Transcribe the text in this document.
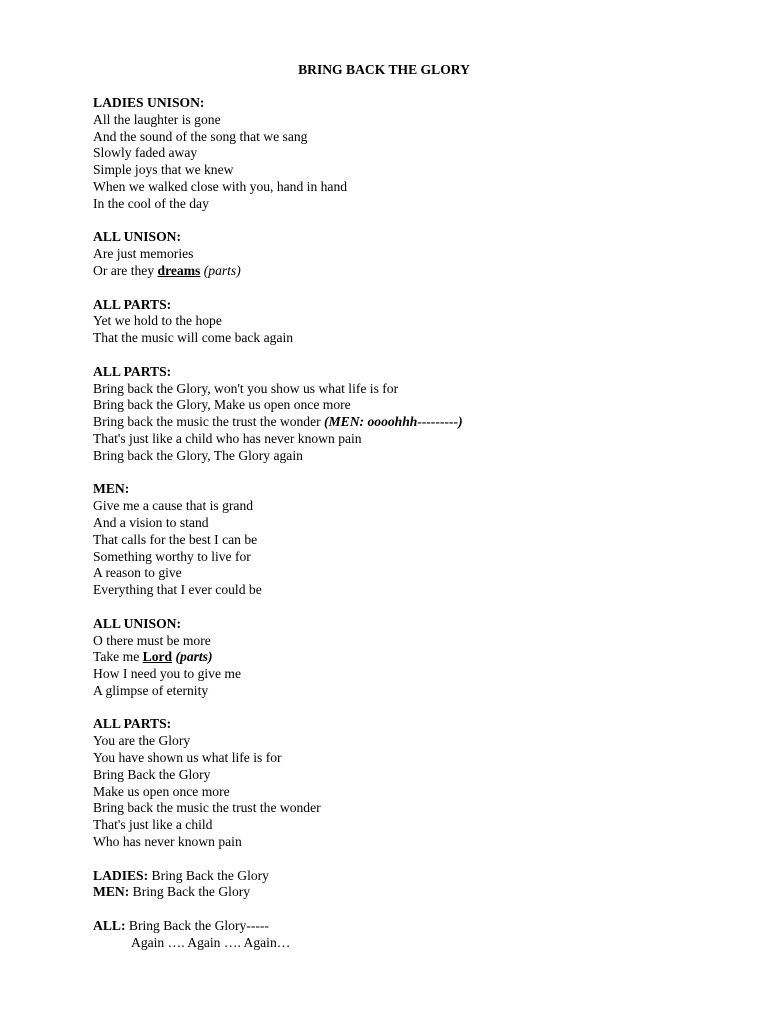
BRING BACK THE GLORY
LADIES UNISON:
All the laughter is gone
And the sound of the song that we sang
Slowly faded away
Simple joys that we knew
When we walked close with you, hand in hand
In the cool of the day
ALL UNISON:
Are just memories
Or are they dreams (parts)
ALL PARTS:
Yet we hold to the hope
That the music will come back again
ALL PARTS:
Bring back the Glory, won't you show us what life is for
Bring back the Glory, Make us open once more
Bring back the music the trust the wonder (MEN: oooohhh---------)
That's just like a child who has never known pain
Bring back the Glory, The Glory again
MEN:
Give me a cause that is grand
And a vision to stand
That calls for the best I can be
Something worthy to live for
A reason to give
Everything that I ever could be
ALL UNISON:
O there must be more
Take me Lord (parts)
How I need you to give me
A glimpse of eternity
ALL PARTS:
You are the Glory
You have shown us what life is for
Bring Back the Glory
Make us open once more
Bring back the music the trust the wonder
That's just like a child
Who has never known pain
LADIES: Bring Back the Glory
MEN: Bring Back the Glory
ALL: Bring Back the Glory-----
Again …. Again …. Again…
